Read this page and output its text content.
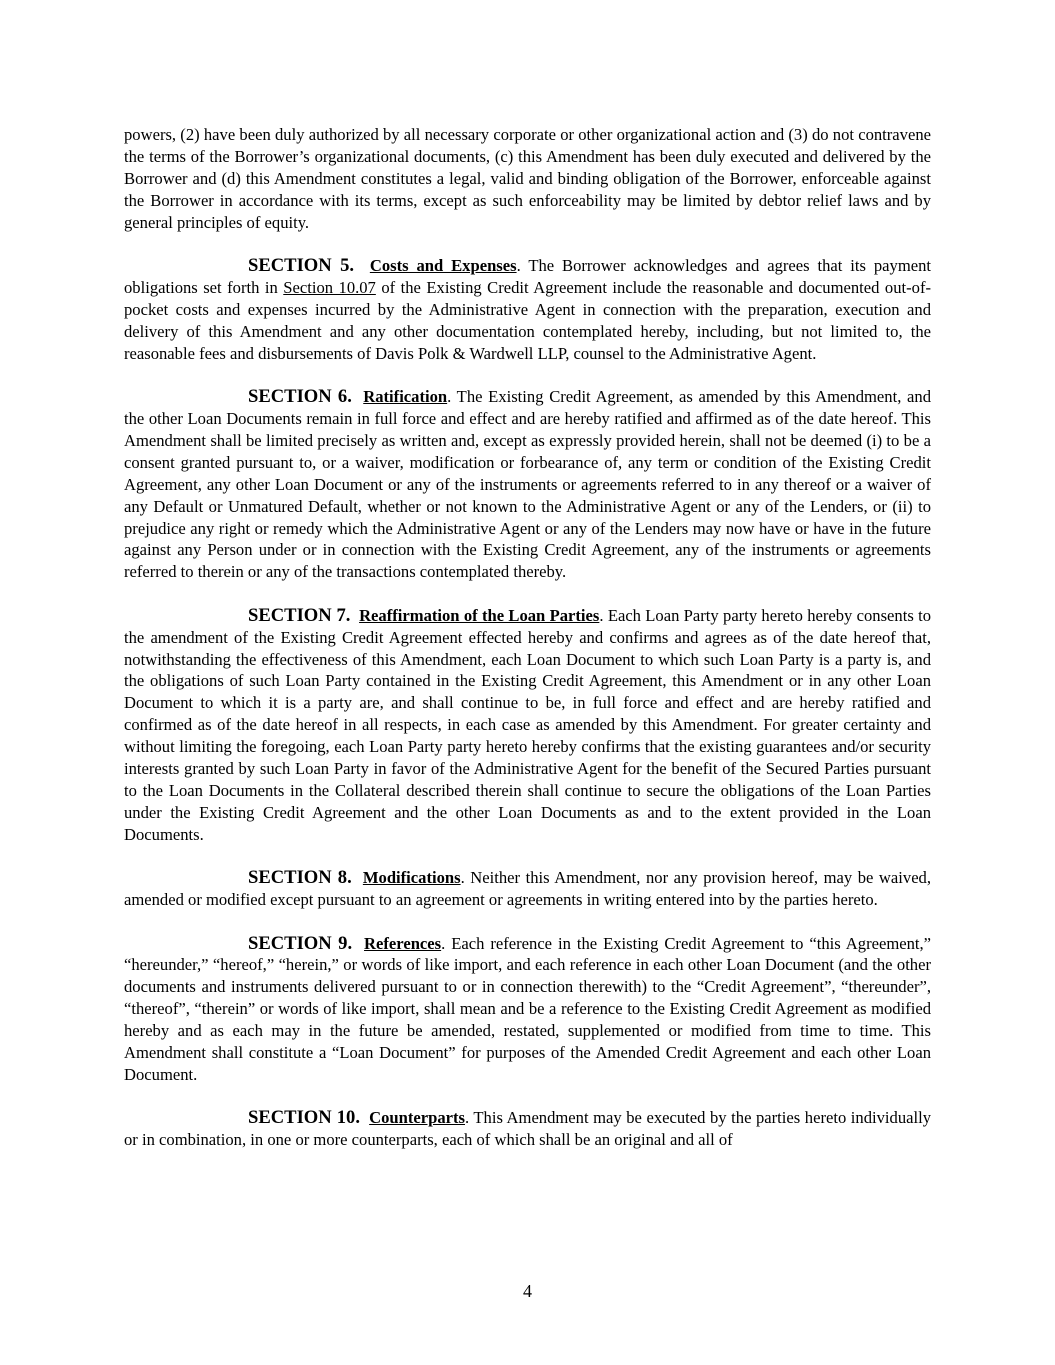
powers, (2) have been duly authorized by all necessary corporate or other organizational action and (3) do not contravene the terms of the Borrower’s organizational documents, (c) this Amendment has been duly executed and delivered by the Borrower and (d) this Amendment constitutes a legal, valid and binding obligation of the Borrower, enforceable against the Borrower in accordance with its terms, except as such enforceability may be limited by debtor relief laws and by general principles of equity.

SECTION 5. Costs and Expenses. The Borrower acknowledges and agrees that its payment obligations set forth in Section 10.07 of the Existing Credit Agreement include the reasonable and documented out-of-pocket costs and expenses incurred by the Administrative Agent in connection with the preparation, execution and delivery of this Amendment and any other documentation contemplated hereby, including, but not limited to, the reasonable fees and disbursements of Davis Polk & Wardwell LLP, counsel to the Administrative Agent.

SECTION 6. Ratification. The Existing Credit Agreement, as amended by this Amendment, and the other Loan Documents remain in full force and effect and are hereby ratified and affirmed as of the date hereof. This Amendment shall be limited precisely as written and, except as expressly provided herein, shall not be deemed (i) to be a consent granted pursuant to, or a waiver, modification or forbearance of, any term or condition of the Existing Credit Agreement, any other Loan Document or any of the instruments or agreements referred to in any thereof or a waiver of any Default or Unmatured Default, whether or not known to the Administrative Agent or any of the Lenders, or (ii) to prejudice any right or remedy which the Administrative Agent or any of the Lenders may now have or have in the future against any Person under or in connection with the Existing Credit Agreement, any of the instruments or agreements referred to therein or any of the transactions contemplated thereby.

SECTION 7. Reaffirmation of the Loan Parties. Each Loan Party party hereto hereby consents to the amendment of the Existing Credit Agreement effected hereby and confirms and agrees as of the date hereof that, notwithstanding the effectiveness of this Amendment, each Loan Document to which such Loan Party is a party is, and the obligations of such Loan Party contained in the Existing Credit Agreement, this Amendment or in any other Loan Document to which it is a party are, and shall continue to be, in full force and effect and are hereby ratified and confirmed as of the date hereof in all respects, in each case as amended by this Amendment. For greater certainty and without limiting the foregoing, each Loan Party party hereto hereby confirms that the existing guarantees and/or security interests granted by such Loan Party in favor of the Administrative Agent for the benefit of the Secured Parties pursuant to the Loan Documents in the Collateral described therein shall continue to secure the obligations of the Loan Parties under the Existing Credit Agreement and the other Loan Documents as and to the extent provided in the Loan Documents.

SECTION 8. Modifications. Neither this Amendment, nor any provision hereof, may be waived, amended or modified except pursuant to an agreement or agreements in writing entered into by the parties hereto.

SECTION 9. References. Each reference in the Existing Credit Agreement to “this Agreement,” “hereunder,” “hereof,” “herein,” or words of like import, and each reference in each other Loan Document (and the other documents and instruments delivered pursuant to or in connection therewith) to the “Credit Agreement”, “thereunder”, “thereof”, “therein” or words of like import, shall mean and be a reference to the Existing Credit Agreement as modified hereby and as each may in the future be amended, restated, supplemented or modified from time to time. This Amendment shall constitute a “Loan Document” for purposes of the Amended Credit Agreement and each other Loan Document.

SECTION 10. Counterparts. This Amendment may be executed by the parties hereto individually or in combination, in one or more counterparts, each of which shall be an original and all of

4
